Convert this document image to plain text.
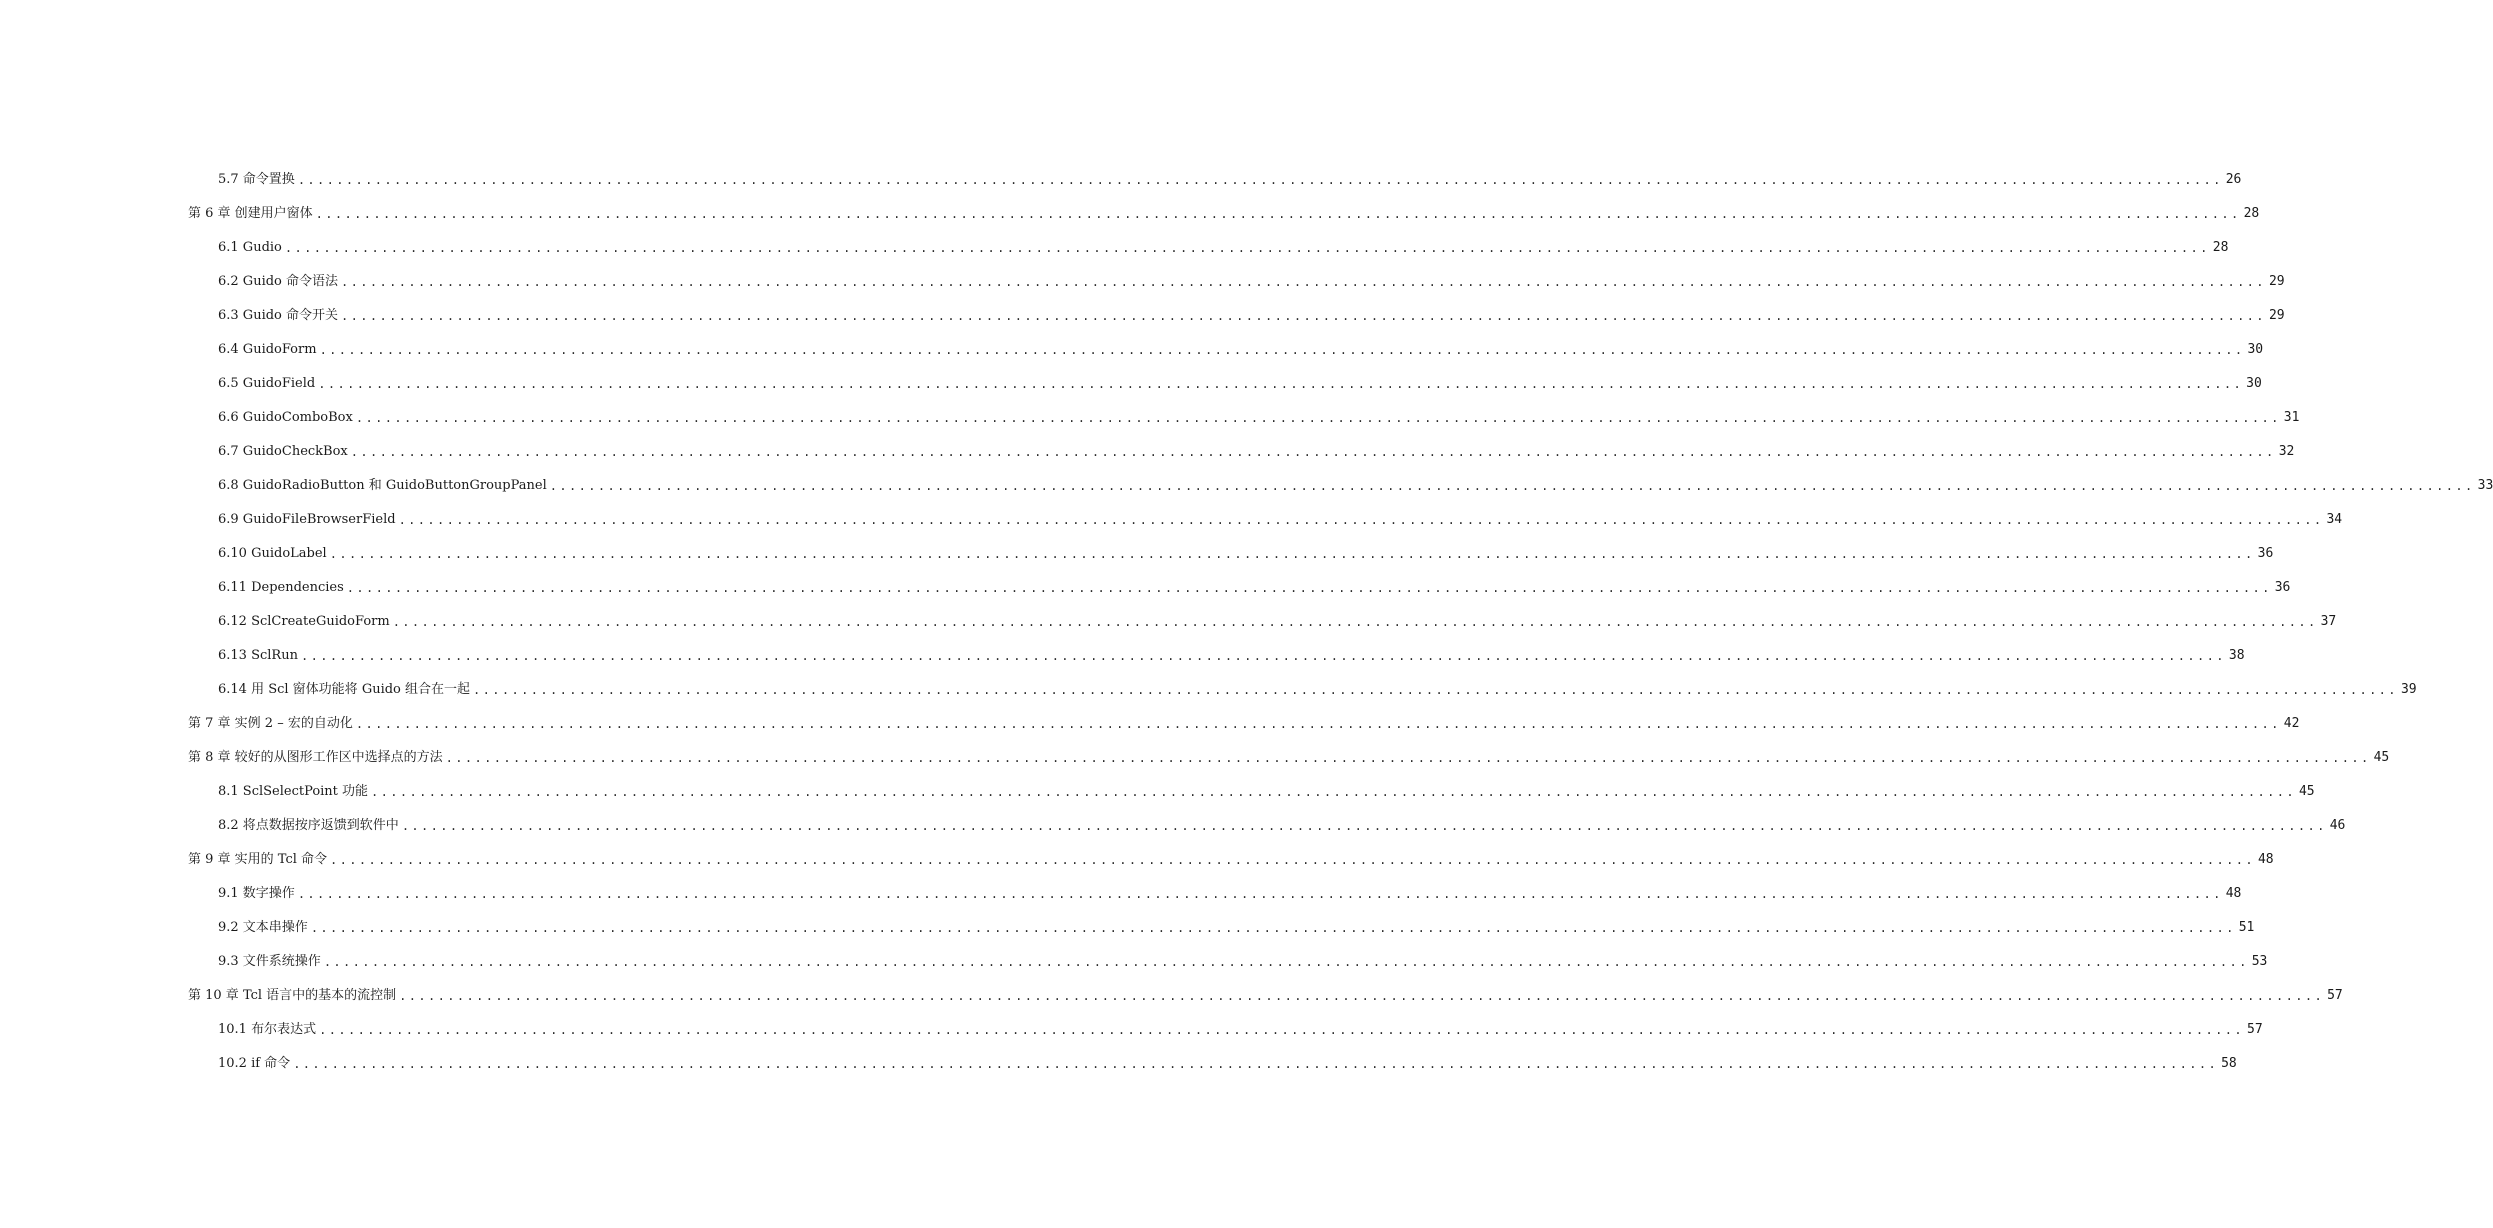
5.7 命令置换 ........................................................................................................................................................................................................ 26
第 6 章 创建用户窗体 ........................................................................................................................................................................................................ 28
6.1 Gudio ........................................................................................................................................................................................................ 28
6.2 Guido 命令语法 ........................................................................................................................................................................................................ 29
6.3 Guido 命令开关 ........................................................................................................................................................................................................ 29
6.4 GuidoForm ........................................................................................................................................................................................................ 30
6.5 GuidoField ........................................................................................................................................................................................................ 30
6.6 GuidoComboBox ........................................................................................................................................................................................................ 31
6.7 GuidoCheckBox ........................................................................................................................................................................................................ 32
6.8 GuidoRadioButton 和 GuidoButtonGroupPanel ........................................................................................................................................................................................................ 33
6.9 GuidoFileBrowserField ........................................................................................................................................................................................................ 34
6.10 GuidoLabel ........................................................................................................................................................................................................ 36
6.11 Dependencies ........................................................................................................................................................................................................ 36
6.12 SclCreateGuidoForm ........................................................................................................................................................................................................ 37
6.13 SclRun ........................................................................................................................................................................................................ 38
6.14 用 Scl 窗体功能将 Guido 组合在一起 ........................................................................................................................................................................................................ 39
第 7 章 实例 2 – 宏的自动化 ........................................................................................................................................................................................................ 42
第 8 章 较好的从图形工作区中选择点的方法 ........................................................................................................................................................................................................ 45
8.1 SclSelectPoint 功能 ........................................................................................................................................................................................................ 45
8.2 将点数据按序返馈到软件中 ........................................................................................................................................................................................................ 46
第 9 章 实用的 Tcl 命令 ........................................................................................................................................................................................................ 48
9.1 数字操作 ........................................................................................................................................................................................................ 48
9.2 文本串操作 ........................................................................................................................................................................................................ 51
9.3 文件系统操作 ........................................................................................................................................................................................................ 53
第 10 章 Tcl 语言中的基本的流控制 ........................................................................................................................................................................................................ 57
10.1 布尔表达式 ........................................................................................................................................................................................................ 57
10.2 if 命令 ........................................................................................................................................................................................................ 58
